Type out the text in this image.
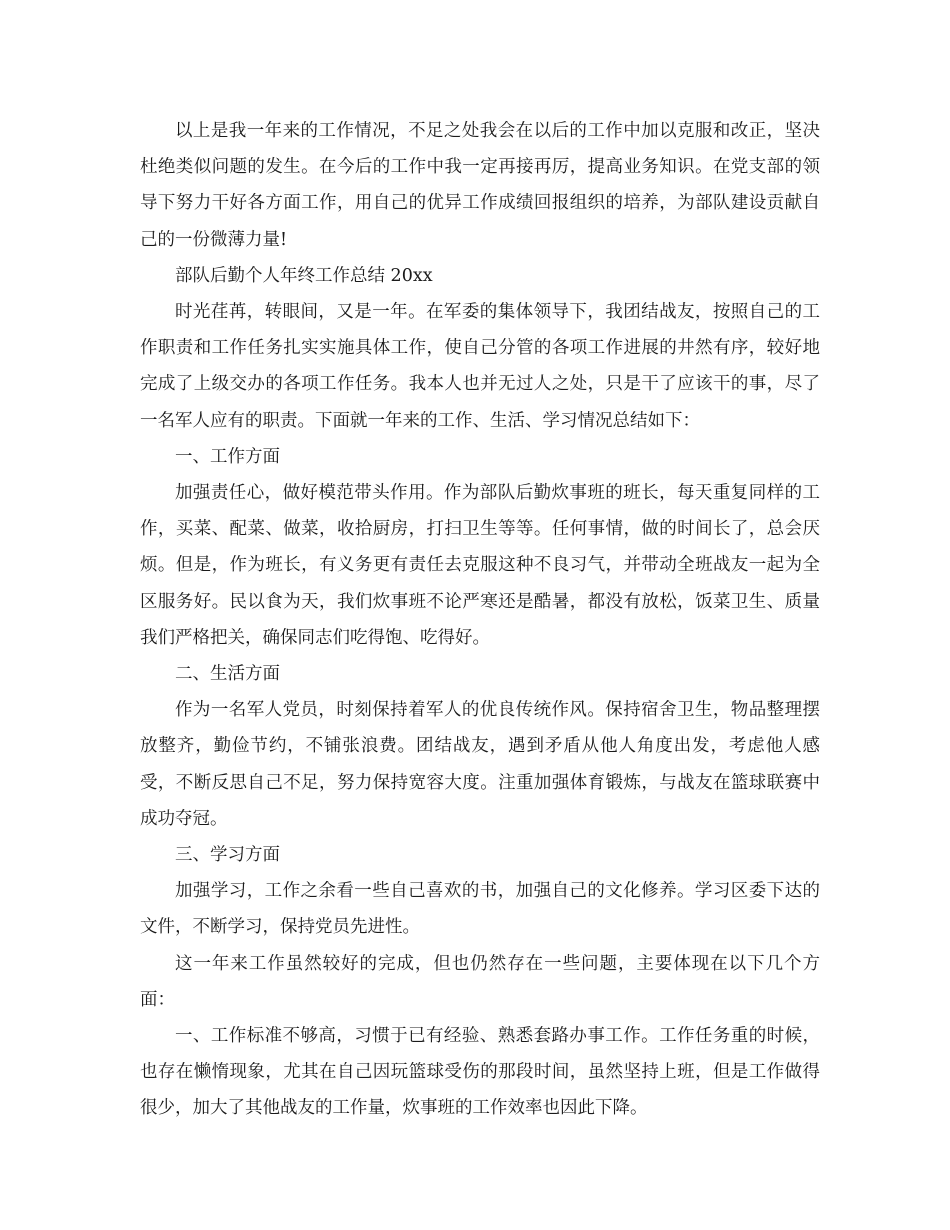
以上是我一年来的工作情况，不足之处我会在以后的工作中加以克服和改正，坚决杜绝类似问题的发生。在今后的工作中我一定再接再厉，提高业务知识。在党支部的领导下努力干好各方面工作，用自己的优异工作成绩回报组织的培养，为部队建设贡献自己的一份微薄力量!

部队后勤个人年终工作总结 20xx

时光荏苒，转眼间，又是一年。在军委的集体领导下，我团结战友，按照自己的工作职责和工作任务扎实实施具体工作，使自己分管的各项工作进展的井然有序，较好地完成了上级交办的各项工作任务。我本人也并无过人之处，只是干了应该干的事，尽了一名军人应有的职责。下面就一年来的工作、生活、学习情况总结如下：

一、工作方面

加强责任心，做好模范带头作用。作为部队后勤炊事班的班长，每天重复同样的工作，买菜、配菜、做菜，收拾厨房，打扫卫生等等。任何事情，做的时间长了，总会厌烦。但是，作为班长，有义务更有责任去克服这种不良习气，并带动全班战友一起为全区服务好。民以食为天，我们炊事班不论严寒还是酷暑，都没有放松，饭菜卫生、质量我们严格把关，确保同志们吃得饱、吃得好。

二、生活方面

作为一名军人党员，时刻保持着军人的优良传统作风。保持宿舍卫生，物品整理摆放整齐，勤俭节约，不铺张浪费。团结战友，遇到矛盾从他人角度出发，考虑他人感受，不断反思自己不足，努力保持宽容大度。注重加强体育锻炼，与战友在篮球联赛中成功夺冠。

三、学习方面

加强学习，工作之余看一些自己喜欢的书，加强自己的文化修养。学习区委下达的文件，不断学习，保持党员先进性。

这一年来工作虽然较好的完成，但也仍然存在一些问题，主要体现在以下几个方面：

一、工作标准不够高，习惯于已有经验、熟悉套路办事工作。工作任务重的时候，也存在懒惰现象，尤其在自己因玩篮球受伤的那段时间，虽然坚持上班，但是工作做得很少，加大了其他战友的工作量，炊事班的工作效率也因此下降。
